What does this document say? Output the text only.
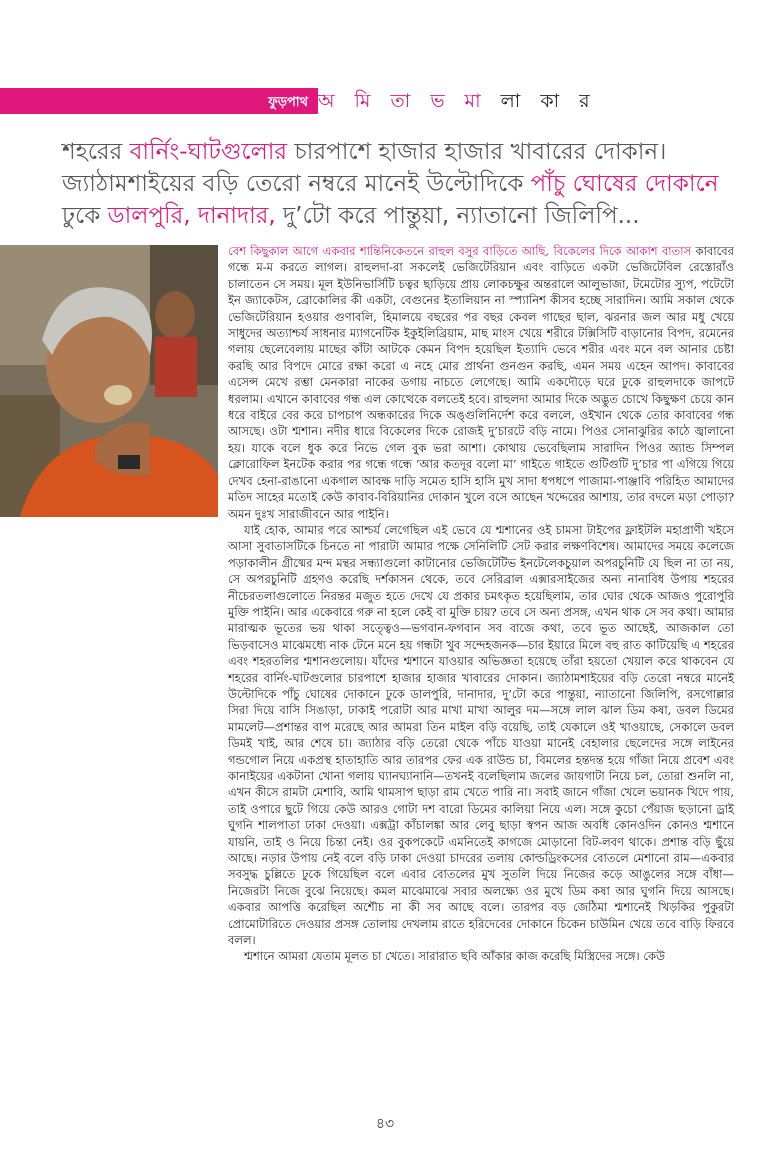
ফুড়পাথ অ মি তা ভ মা লা কা র
শহরের বার্নিং-ঘাটগুলোর চারপাশে হাজার হাজার খাবারের দোকান। জ্যাঠামশাইয়ের বড়ি তেরো নম্বরে মানেই উল্টোদিকে পাঁচু ঘোষের দোকানে ঢুকে ডালপুরি, দানাদার, দু’টো করে পান্তুয়া, ন্যাতানো জিলিপি...

বেশ কিছুকাল আগে একবার শান্তিনিকেতনে রাহুল বসুর বাড়িতে আছি, বিকেলের দিকে আকাশ বাতাস কাবাবের গন্ধে ম-ম করতে লাগল। রাহুলদা-রা সকলেই ভেজিটেরিয়ান এবং বাড়িতে একটা ভেজিটেবিল রেস্তোরাঁও চালাতেন সে সময়। মূল ইউনিভার্সিটি চত্বর ছাড়িয়ে প্রায় লোকচক্ষুর অন্তরালে আলুভাজা, টমেটোর স্যুপ, পটেটো ইন জ্যাকেটস, ব্রোকোলির কী একটা, বেগুনের ইতালিয়ান না স্প্যানিশ কীসব হচ্ছে সারাদিন। আমি সকাল থেকে ভেজিটেরিয়ান হওয়ার গুণাবলি, হিমালয়ে বছরের পর বছর কেবল গাছের ছাল, ঝরনার জল আর মধু খেয়ে সাধুদের অত্যাশ্চর্য সাধনার ম্যাগনেটিক ইকুইলিব্রিয়াম, মাছ মাংস খেয়ে শরীরে টক্সিসিটি বাড়ানোর বিপদ, রমেনের গলায় ছেলেবেলায় মাছের কাঁটা আটকে কেমন বিপদ হয়েছিল ইত্যাদি ভেবে শরীর এবং মনে বল আনার চেষ্টা করছি আর বিপদে মোরে রক্ষা করো এ নহে মোর প্রার্থনা গুনগুন করছি, এমন সময় এহেন আপদ। কাবাবের এসেন্স মেখে রম্ভা মেনকারা নাকের ডগায় নাচতে লেগেছে। আমি একদৌড়ে ঘরে ঢুকে রাহুলদাকে জাপটে ধরলাম। এখানে কাবাবের গন্ধ এল কোত্থেকে বলতেই হবে। রাহুলদা আমার দিকে অদ্ভুত চোখে কিছুক্ষণ চেয়ে কান ধরে বাইরে বের করে চাপচাপ অন্ধকারের দিকে অঙ্গুলিনির্দেশ করে বললে, ওইখান থেকে তোর কাবাবের গন্ধ আসছে। ওটা শ্মশান। নদীর ধারে বিকেলের দিকে রোজই দু’চারটে বড়ি নামে। পিওর সোনাঝুরির কাঠে জ্বালানো হয়। যাকে বলে ধুক করে নিভে গেল বুক ভরা আশা। কোথায় ভেবেছিলাম সারাদিন পিওর অ্যান্ড সিম্পল ক্লোরোফিল ইনটেক করার পর গন্ধে গন্ধে ‘আর কতদূর বলো মা’ গাইতে গাইতে গুটিগুটি দু’চার পা এগিয়ে গিয়ে দেখব হেনা-রাঙানো একগাল আবক্ষ দাড়ি সমেত হাসি হাসি মুখ সাদা ধপধপে পাজামা-পাঞ্জাবি পরিহিত আমাদের মতিদ সাহের মতোই কেউ কাবাব-বিরিয়ানির দোকান খুলে বসে আছেন খদ্দেরের আশায়, তার বদলে মড়া পোড়া? অমন দুঃখ সারাজীবনে আর পাইনি।

যাই হোক, আমার পরে আশ্চর্য লেগেছিল এই ভেবে যে শ্মশানের ওই চামসা টাইপের ফ্লাইটলি মহাপ্রাণী খইসে আসা সুবাতাসটিকে চিনতে না পারাটা আমার পক্ষে সেনিলিটি সেট করার লক্ষণবিশেষ। আমাদের সময়ে কলেজে পড়াকালীন গ্রীষ্মের মন্দ মন্থর সন্ধ্যাগুলো কাটানোর ভেজিটেটিভ ইনটেলেকচুয়াল অপরচুনিটি যে ছিল না তা নয়, সে অপরচুনিটি গ্রহণও করেছি দর্শকাসন থেকে, তবে সেরিব্রাল এক্সারসাইজের অন্য নানাবিধ উপায় শহরের নীচেরতলাগুলোতে নিরন্তর মজুত হতে দেখে যে প্রকার চমৎকৃত হয়েছিলাম, তার ঘোর থেকে আজও পুরোপুরি মুক্তি পাইনি। আর একেবারে গরু না হলে কেই বা মুক্তি চায়? তবে সে অন্য প্রসঙ্গ, এখন থাক সে সব কথা। আমার মারাত্মক ভূতের ভয় থাকা সত্ত্বেও—ভগবান-ফগবান সব বাজে কথা, তবে ভূত আছেই, আজকাল তো ভিড়বাসেও মাঝেমধ্যে নাক টেনে মনে হয় গন্ধটা খুব সন্দেহজনক—চার ইয়ারে মিলে বহু রাত কাটিয়েছি এ শহরের এবং শহরতলির শ্মশানগুলোয়। যাঁদের শ্মশানে যাওয়ার অভিজ্ঞতা হয়েছে তাঁরা হয়তো খেয়াল করে থাকবেন যে শহরের বার্নিং-ঘাটগুলোর চারপাশে হাজার হাজার খাবারের দোকান। জ্যাঠামশাইয়ের বড়ি তেরো নম্বরে মানেই উল্টোদিকে পাঁচু ঘোষের দোকানে ঢুকে ডালপুরি, দানাদার, দু’টো করে পান্তুয়া, ন্যাতানো জিলিপি, রসগোল্লার সিরা দিয়ে বাসি সিঙাড়া, ঢাকাই পরোটা আর মাখা মাখা আলুর দম—সঙ্গে লাল ঝাল ডিম কষা, ডবল ডিমের মামলেট—প্রশান্তর বাপ মরেছে আর আমরা তিন মাইল বড়ি বয়েছি, তাই যেকালে ওই খাওয়াছে, সেকালে ডবল ডিমই খাই, আর শেষে চা। জ্যাঠার বড়ি তেরো থেকে পাঁচে যাওয়া মানেই বেহালার ছেলেদের সঙ্গে লাইনের গন্ডগোল নিয়ে একপ্রস্থ হাতাহাতি আর তারপর ফের এক রাউন্ড চা, বিমলের হন্তদন্ত হয়ে গাঁজা নিয়ে প্রবেশ এবং কানাইয়ের একটানা খোনা গলায় ঘ্যানঘ্যানানি—তখনই বলেছিলাম জলের জায়গাটা নিয়ে চল, তোরা শুনলি না, এখন কীসে রামটা মেশাবি, আমি থামসাপ ছাড়া রাম খেতে পারি না। সবাই জানে গাঁজা খেলে ভয়ানক খিদে পায়, তাই ওপারে ছুটে গিয়ে কেউ আরও গোটা দশ বারো ডিমের কালিয়া নিয়ে এল। সঙ্গে কুচো পেঁয়াজ ছড়ানো ড্রাই ঘুগনি শালপাতা ঢাকা দেওয়া। এক্সট্রা কাঁচালঙ্কা আর লেবু ছাড়া স্বপন আজ অবধি কোনওদিন কোনও শ্মশানে যায়নি, তাই ও নিয়ে চিন্তা নেই। ওর বুকপকেটে এমনিতেই কাগজে মোড়ানো বিট-লবণ থাকে। প্রশান্ত বড়ি ছুঁয়ে আছে। নড়ার উপায় নেই বলে বড়ি ঢাকা দেওয়া চাদরের তলায় কোল্ডড্রিংকসের বোতলে মেশানো রাম—একবার সবসুদ্ধ চুল্লিতে ঢুকে গিয়েছিল বলে এবার বোতলের মুখ সুতলি দিয়ে নিজের কড়ে আঙুলের সঙ্গে বাঁধা—নিজেরটা নিজে বুঝে নিয়েছে। কমল মাঝেমাঝে সবার অলক্ষ্যে ওর মুখে ডিম কষা আর ঘুগনি দিয়ে আসছে। একবার আপত্তি করেছিল অশৌচ না কী সব আছে বলে। তারপর বড় জেঠিমা শ্মশানেই খিড়কির পুকুরটা প্রোমোটারিতে দেওয়ার প্রসঙ্গ তোলায় দেখলাম রাতে হরিদেবের দোকানে চিকেন চাউমিন খেয়ে তবে বাড়ি ফিরবে বলল।

শ্মশানে আমরা যেতাম মূলত চা খেতে। সারারাত ছবি আঁকার কাজ করেছি মিস্ত্রিদের সঙ্গে। কেউ

৪৩
